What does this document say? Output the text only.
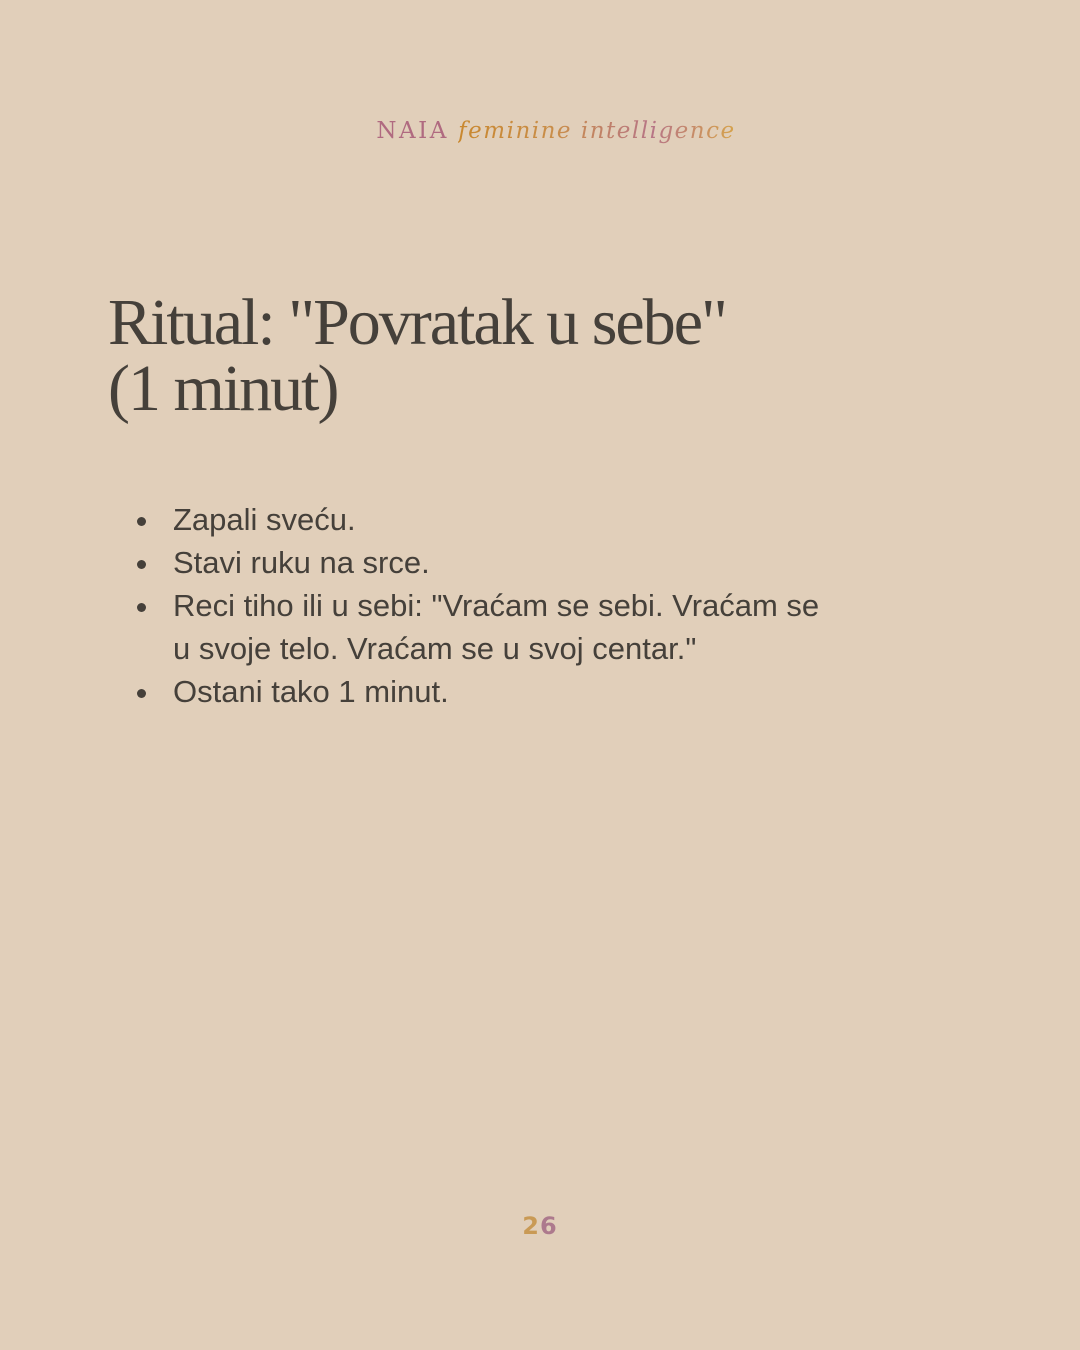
NAIA feminine intelligence
Ritual: "Povratak u sebe"
(1 minut)
Zapali sveću.
Stavi ruku na srce.
Reci tiho ili u sebi: "Vraćam se sebi. Vraćam se u svoje telo. Vraćam se u svoj centar."
Ostani tako 1 minut.
26
